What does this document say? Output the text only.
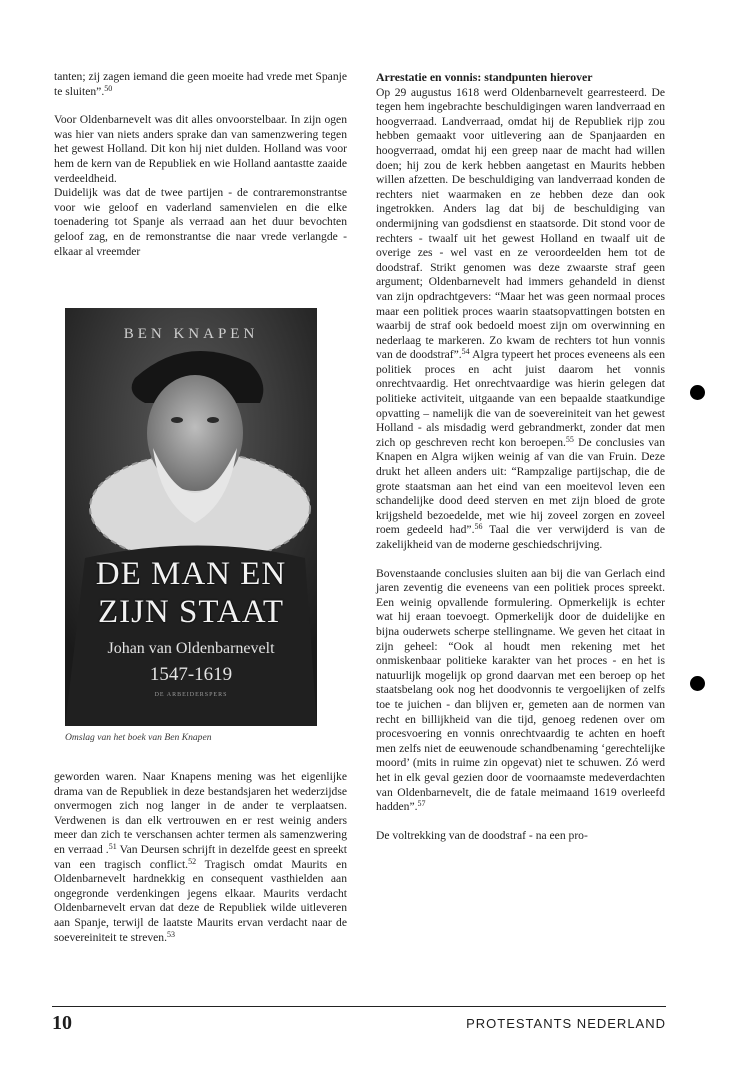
tanten; zij zagen iemand die geen moeite had vrede met Spanje te sluiten”.$^{50}$

Voor Oldenbarnevelt was dit alles onvoorstelbaar. In zijn ogen was hier van niets anders sprake dan van samenzwering tegen het gewest Holland. Dit kon hij niet dulden. Holland was voor hem de kern van de Republiek en wie Holland aantastte zaaide verdeeldheid.

Duidelijk was dat de twee partijen - de contraremonstrantse voor wie geloof en vaderland samenvielen en die elke toenadering tot Spanje als verraad aan het duur bevochten geloof zag, en de remonstrantse die naar vrede verlangde - elkaar al vreemder

BEN KNAPEN
DE MAN EN
ZIJN STAAT
Johan van Oldenbarnevelt
1547-1619
DE ARBEIDERSPERS
Omslag van het boek van Ben Knapen

geworden waren. Naar Knapens mening was het eigenlijke drama van de Republiek in deze bestandsjaren het wederzijdse onvermogen zich nog langer in de ander te verplaatsen. Verdwenen is dan elk vertrouwen en er rest weinig anders meer dan zich te verschansen achter termen als samenzwering en verraad .$^{51}$ Van Deursen schrijft in dezelfde geest en spreekt van een tragisch conflict.$^{52}$ Tragisch omdat Maurits en Oldenbarnevelt hardnekkig en consequent vasthielden aan ongegronde verdenkingen jegens elkaar. Maurits verdacht Oldenbarnevelt ervan dat deze de Republiek wilde uitleveren aan Spanje, terwijl de laatste Maurits ervan verdacht naar de soevereiniteit te streven.$^{53}$

Arrestatie en vonnis: standpunten hierover

Op 29 augustus 1618 werd Oldenbarnevelt gearresteerd. De tegen hem ingebrachte beschuldigingen waren landverraad en hoogverraad. Landverraad, omdat hij de Republiek rijp zou hebben gemaakt voor uitlevering aan de Spanjaarden en hoogverraad, omdat hij een greep naar de macht had willen doen; hij zou de kerk hebben aangetast en Maurits hebben willen afzetten. De beschuldiging van landverraad konden de rechters niet waarmaken en ze hebben deze dan ook ingetrokken. Anders lag dat bij de beschuldiging van ondermijning van godsdienst en staatsorde. Dit stond voor de rechters - twaalf uit het gewest Holland en twaalf uit de overige zes - wel vast en ze veroordeelden hem tot de doodstraf. Strikt genomen was deze zwaarste straf geen argument; Oldenbarnevelt had immers gehandeld in dienst van zijn opdrachtgevers: “Maar het was geen normaal proces maar een politiek proces waarin staatsopvattingen botsten en waarbij de straf ook bedoeld moest zijn om overwinning en nederlaag te markeren. Zo kwam de rechters tot hun vonnis van de doodstraf”.$^{54}$ Algra typeert het proces eveneens als een politiek proces en acht juist daarom het vonnis onrechtvaardig. Het onrechtvaardige was hierin gelegen dat politieke activiteit, uitgaande van een bepaalde staatkundige opvatting – namelijk die van de soevereiniteit van het gewest Holland - als misdadig werd gebrandmerkt, zonder dat men zich op geschreven recht kon beroepen.$^{55}$ De conclusies van Knapen en Algra wijken weinig af van die van Fruin. Deze drukt het alleen anders uit: “Rampzalige partijschap, die de grote staatsman aan het eind van een moeitevol leven een schandelijke dood deed sterven en met zijn bloed de grote krijgsheld bezoedelde, met wie hij zoveel zorgen en zoveel roem gedeeld had”.$^{56}$ Taal die ver verwijderd is van de zakelijkheid van de moderne geschiedschrijving.

Bovenstaande conclusies sluiten aan bij die van Gerlach eind jaren zeventig die eveneens van een politiek proces spreekt. Een weinig opvallende formulering. Opmerkelijk is echter wat hij eraan toevoegt. Opmerkelijk door de duidelijke en bijna ouderwets scherpe stellingname. We geven het citaat in zijn geheel: “Ook al houdt men rekening met het onmiskenbaar politieke karakter van het proces - en het is natuurlijk mogelijk op grond daarvan met een beroep op het staatsbelang ook nog het doodvonnis te vergoelijken of zelfs toe te juichen - dan blijven er, gemeten aan de normen van recht en billijkheid van die tijd, genoeg redenen over om procesvoering en vonnis onrechtvaardig te achten en hoeft men zelfs niet de eeuwenoude schandbenaming ‘gerechtelijke moord’ (mits in ruime zin opgevat) niet te schuwen. Zó werd het in elk geval gezien door de voornaamste medeverdachten van Oldenbarnevelt, die de fatale meimaand 1619 overleefd hadden”.$^{57}$

De voltrekking van de doodstraf - na een pro-

10	PROTESTANTS NEDERLAND
